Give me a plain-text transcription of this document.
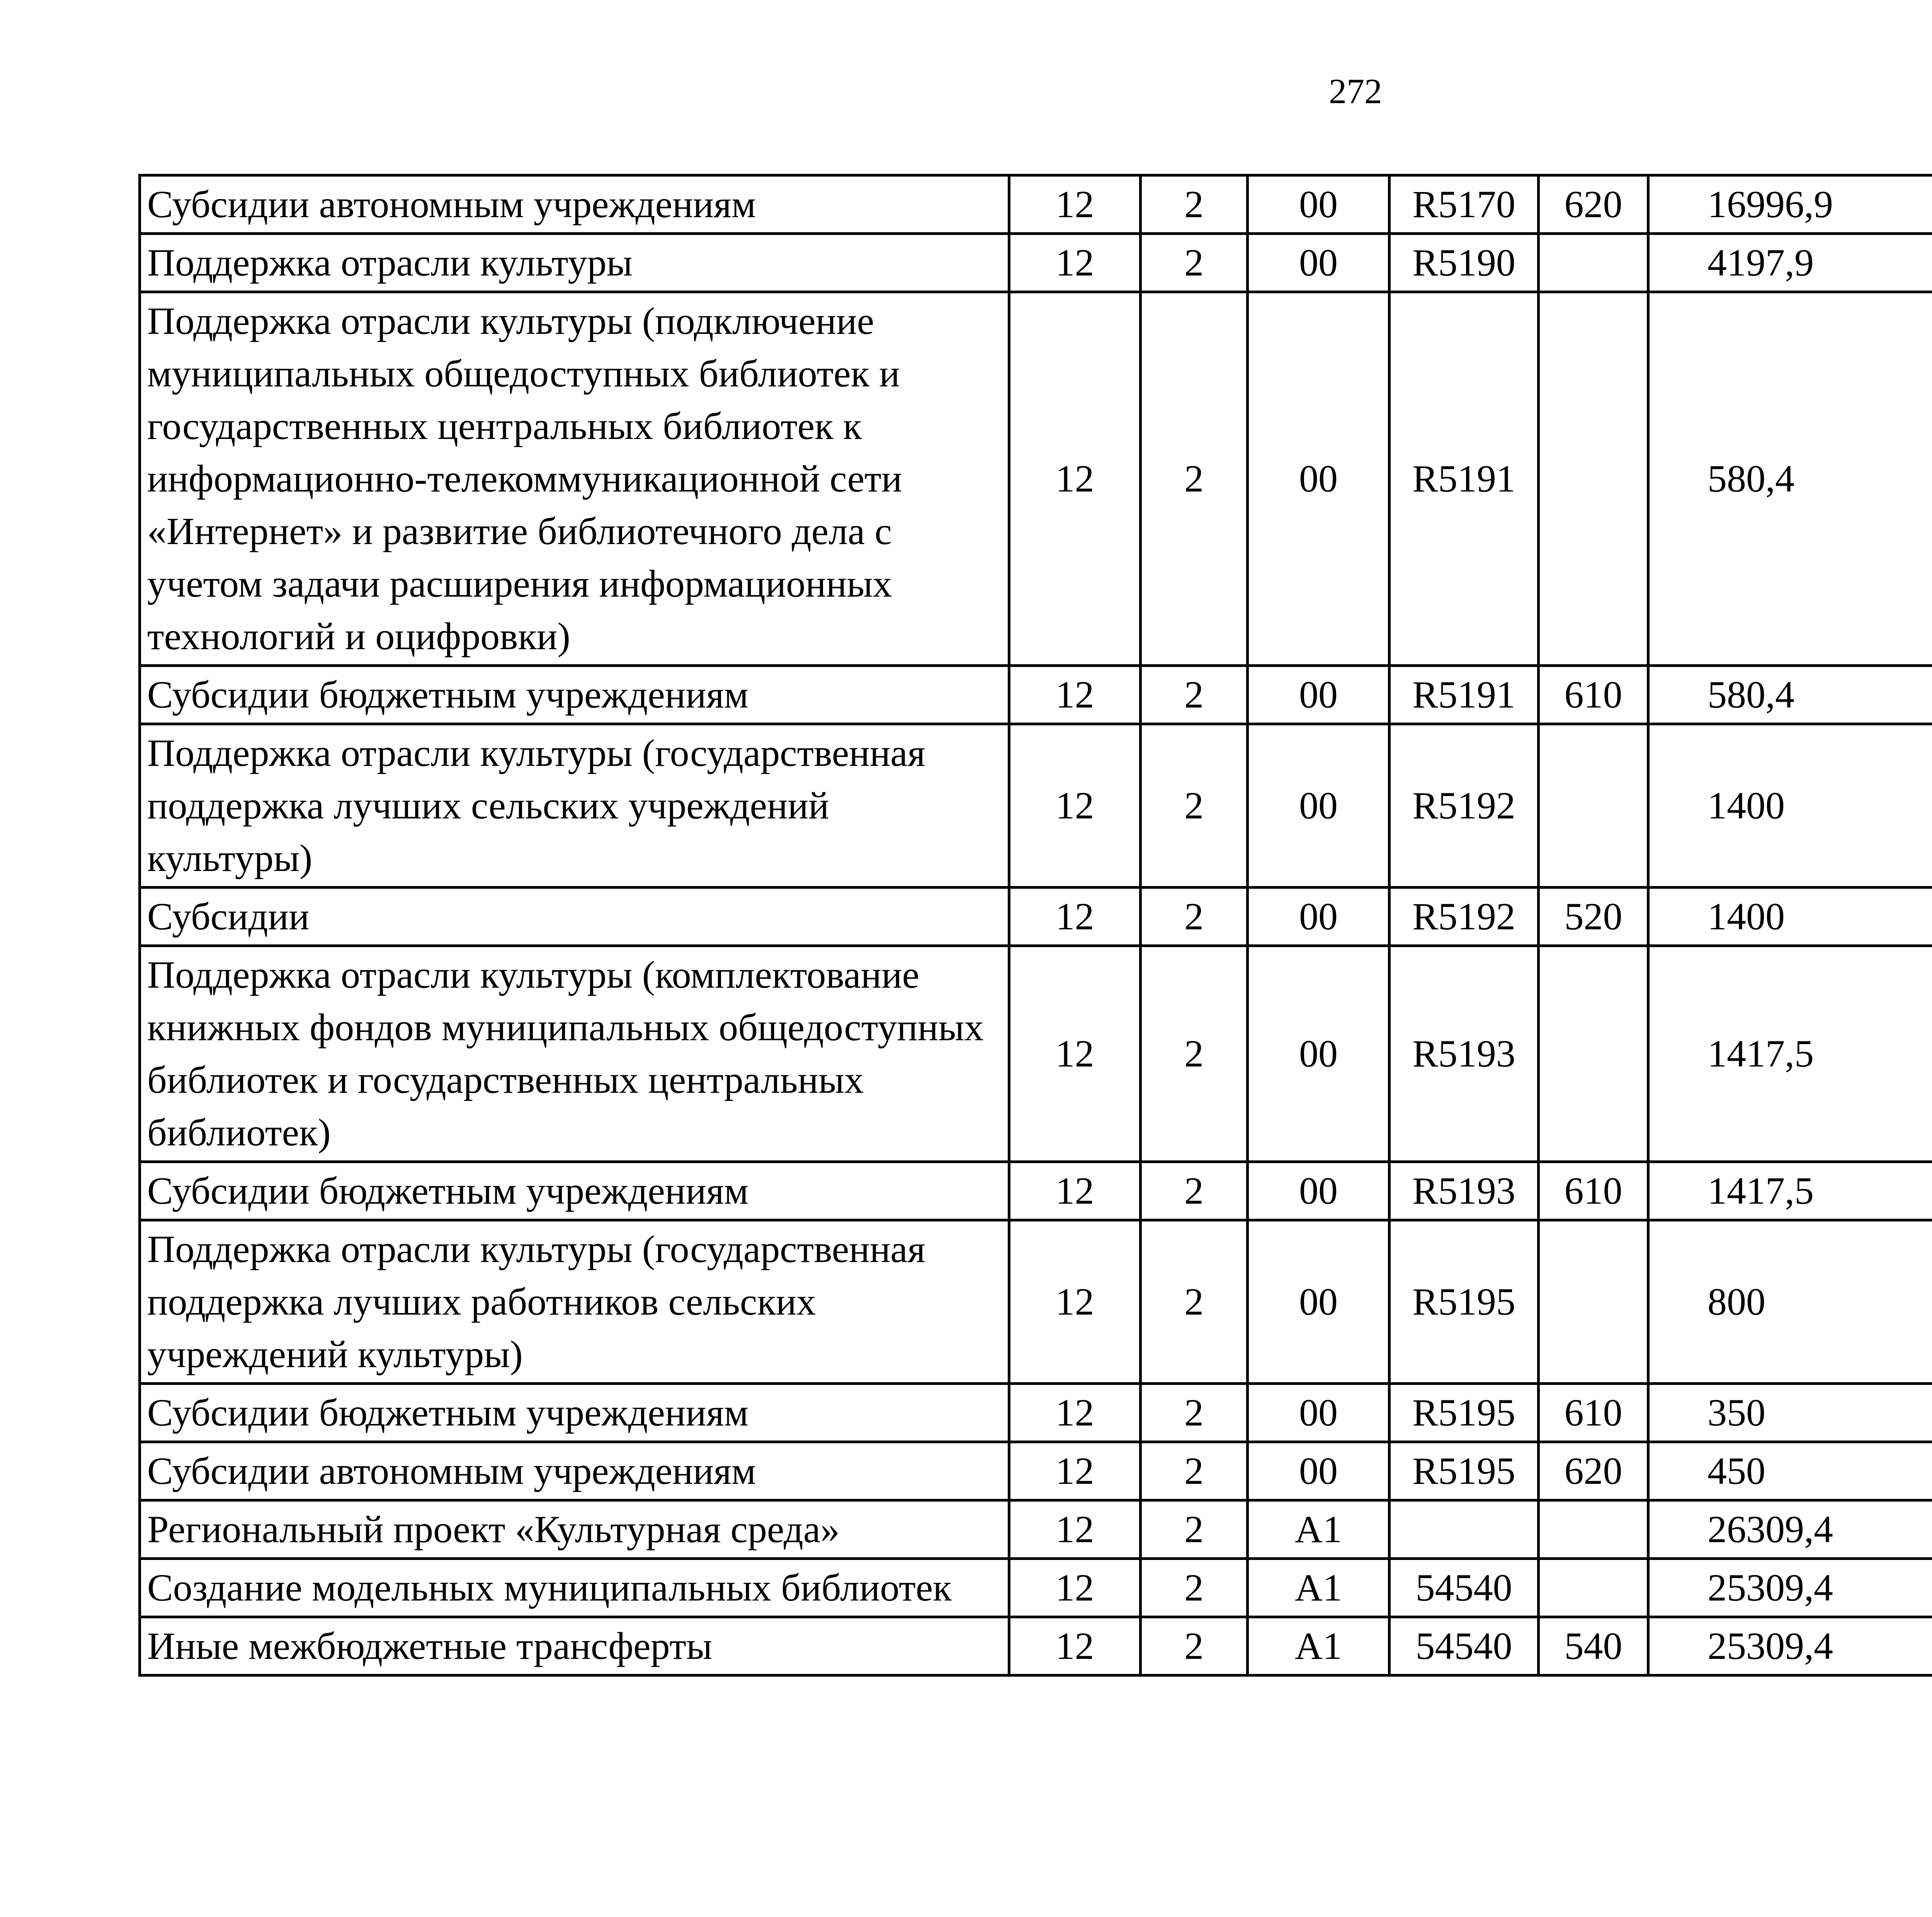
272
Субсидии автономным учреждениям	12	2	00	R5170	620	16996,9		
Поддержка отрасли культуры	12	2	00	R5190		4197,9		
Поддержка отрасли культуры (подключение муниципальных общедоступных библиотек и государственных центральных библиотек к информационно-телекоммуникационной сети «Интернет» и развитие библиотечного дела с учетом задачи расширения информационных технологий и оцифровки)	12	2	00	R5191		580,4		
Субсидии бюджетным учреждениям	12	2	00	R5191	610	580,4		
Поддержка отрасли культуры (государственная поддержка лучших сельских учреждений культуры)	12	2	00	R5192		1400		
Субсидии	12	2	00	R5192	520	1400		
Поддержка отрасли культуры (комплектование книжных фондов муниципальных общедоступных библиотек и государственных центральных библиотек)	12	2	00	R5193		1417,5		
Субсидии бюджетным учреждениям	12	2	00	R5193	610	1417,5		
Поддержка отрасли культуры (государственная поддержка лучших работников сельских учреждений культуры)	12	2	00	R5195		800		
Субсидии бюджетным учреждениям	12	2	00	R5195	610	350		
Субсидии автономным учреждениям	12	2	00	R5195	620	450		
Региональный проект «Культурная среда»	12	2	А1			26309,4		
Создание модельных муниципальных библиотек	12	2	А1	54540		25309,4		
Иные межбюджетные трансферты	12	2	А1	54540	540	25309,4		
